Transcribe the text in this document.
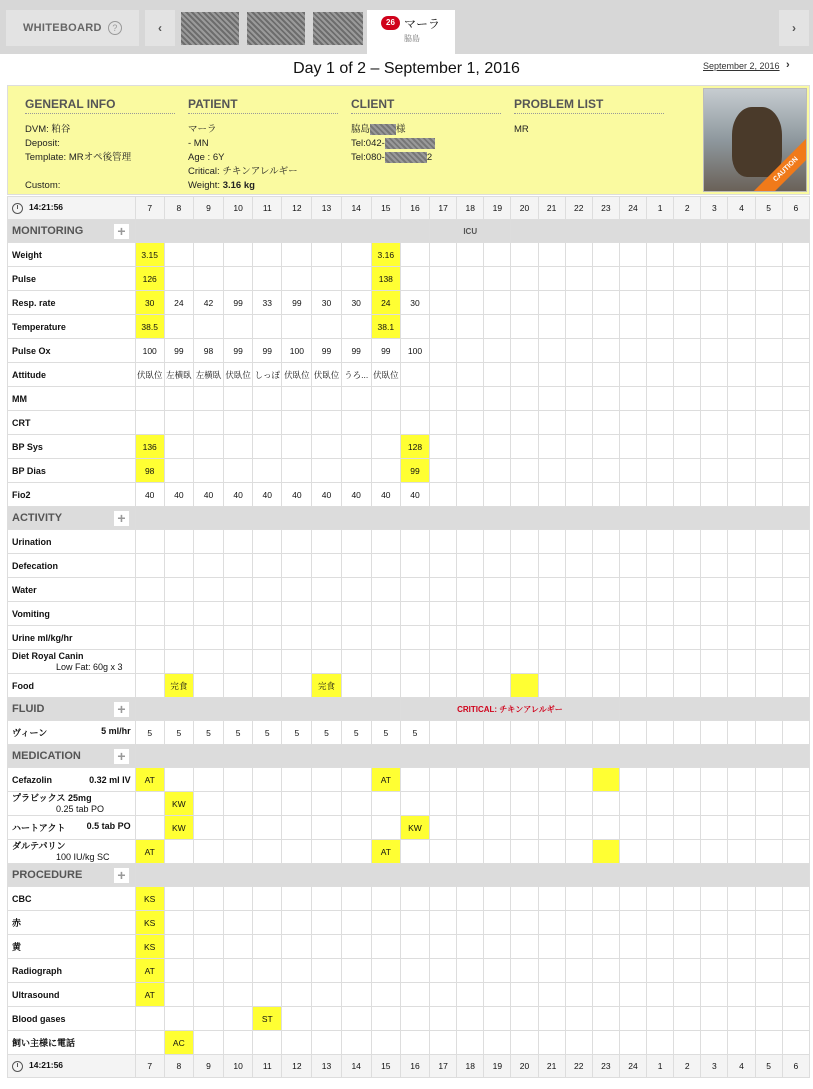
WHITEBOARD	?	‹	26 マーラ
脇島
›
Day 1 of 2 – September 1, 2016	September 2, 2016 ›
GENERAL INFO
DVM: 粕谷
Deposit:
Template: MRオペ後管理

Custom:
PATIENT
マーラ
- MN
Age : 6Y
Critical: チキンアレルギー
Weight: 3.16 kg
CLIENT
脇島	様
Tel:042-
Tel:080-	2
PROBLEM LIST
MR
CAUTION
14:21:56	7	8	9	10	11	12	13	14	15	16	17	18	19	20	21	22	23	24	1	2	3	4	5	6
MONITORING +											ICU													
Weight	3.15								3.16															
Pulse	126								138															
Resp. rate	30	24	42	99	33	99	30	30	24	30														
Temperature	38.5								38.1															
Pulse Ox	100	99	98	99	99	100	99	99	99	100														
Attitude	伏臥位	左横臥	左横臥	伏臥位	しっぽ	伏臥位	伏臥位	うろ...	伏臥位															
MM																								
CRT																								
BP Sys	136									128														
BP Dias	98									99														
Fio2	40	40	40	40	40	40	40	40	40	40														
ACTIVITY +																								

Urination																								
Defecation																								
Water																								
Vomiting																								
Urine ml/kg/hr																								
Diet Royal Canin
Low Fat: 60g x 3																								

Food		完食					完食																	
FLUID +										CRITICAL: チキンアレルギー														
ヴィーン 5 ml/hr	5	5	5	5	5	5	5	5	5	5														
MEDICATION +																								

Cefazolin 0.32 ml IV	AT								AT															
プラビックス 25mg
0.25 tab PO		KW																						
ハートアクト 0.5 tab PO		KW								KW														
ダルテパリン
100 IU/kg SC	AT								AT															
PROCEDURE +																								

CBC	KS																							
赤	KS																							
黄	KS																							
Radiograph	AT																							
Ultrasound	AT																							
Blood gases					ST																			
飼い主様に電話		AC																						
14:21:56	7	8	9	10	11	12	13	14	15	16	17	18	19	20	21	22	23	24	1	2	3	4	5	6
